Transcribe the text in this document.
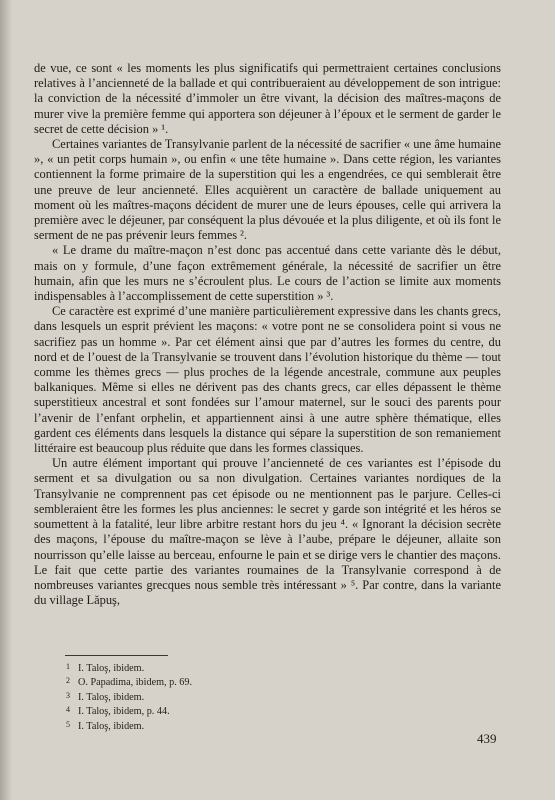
de vue, ce sont « les moments les plus significatifs qui permettraient certaines conclusions relatives à l’ancienneté de la ballade et qui contribueraient au développement de son intrigue: la conviction de la nécessité d’immoler un être vivant, la décision des maîtres-maçons de murer vive la première femme qui apportera son déjeuner à l’époux et le serment de garder le secret de cette décision » ¹.

Certaines variantes de Transylvanie parlent de la nécessité de sacrifier « une âme humaine », « un petit corps humain », ou enfin « une tête humaine ». Dans cette région, les variantes contiennent la forme primaire de la superstition qui les a engendrées, ce qui semblerait être une preuve de leur ancienneté. Elles acquièrent un caractère de ballade uniquement au moment où les maîtres-maçons décident de murer une de leurs épouses, celle qui arrivera la première avec le déjeuner, par conséquent la plus dévouée et la plus diligente, et où ils font le serment de ne pas prévenir leurs femmes ².

« Le drame du maître-maçon n’est donc pas accentué dans cette variante dès le début, mais on y formule, d’une façon extrêmement générale, la nécessité de sacrifier un être humain, afin que les murs ne s’écroulent plus. Le cours de l’action se limite aux moments indispensables à l’accomplissement de cette superstition » ³.

Ce caractère est exprimé d’une manière particulièrement expressive dans les chants grecs, dans lesquels un esprit prévient les maçons: « votre pont ne se consolidera point si vous ne sacrifiez pas un homme ». Par cet élément ainsi que par d’autres les formes du centre, du nord et de l’ouest de la Transylvanie se trouvent dans l’évolution historique du thème — tout comme les thèmes grecs — plus proches de la légende ancestrale, commune aux peuples balkaniques. Même si elles ne dérivent pas des chants grecs, car elles dépassent le thème superstitieux ancestral et sont fondées sur l’amour maternel, sur le souci des parents pour l’avenir de l’enfant orphelin, et appartiennent ainsi à une autre sphère thématique, elles gardent ces éléments dans lesquels la distance qui sépare la superstition de son remaniement littéraire est beaucoup plus réduite que dans les formes classiques.

Un autre élément important qui prouve l’ancienneté de ces variantes est l’épisode du serment et sa divulgation ou sa non divulgation. Certaines variantes nordiques de la Transylvanie ne comprennent pas cet épisode ou ne mentionnent pas le parjure. Celles-ci sembleraient être les formes les plus anciennes: le secret y garde son intégrité et les héros se soumettent à la fatalité, leur libre arbitre restant hors du jeu ⁴. « Ignorant la décision secrète des maçons, l’épouse du maître-maçon se lève à l’aube, prépare le déjeuner, allaite son nourrisson qu’elle laisse au berceau, enfourne le pain et se dirige vers le chantier des maçons. Le fait que cette partie des variantes roumaines de la Transylvanie correspond à de nombreuses variantes grecques nous semble très intéressant » ⁵. Par contre, dans la variante du village Lăpuş,

1 I. Taloş, ibidem.
2 O. Papadima, ibidem, p. 69.
3 I. Taloş, ibidem.
4 I. Taloş, ibidem, p. 44.
5 I. Taloş, ibidem.
439
